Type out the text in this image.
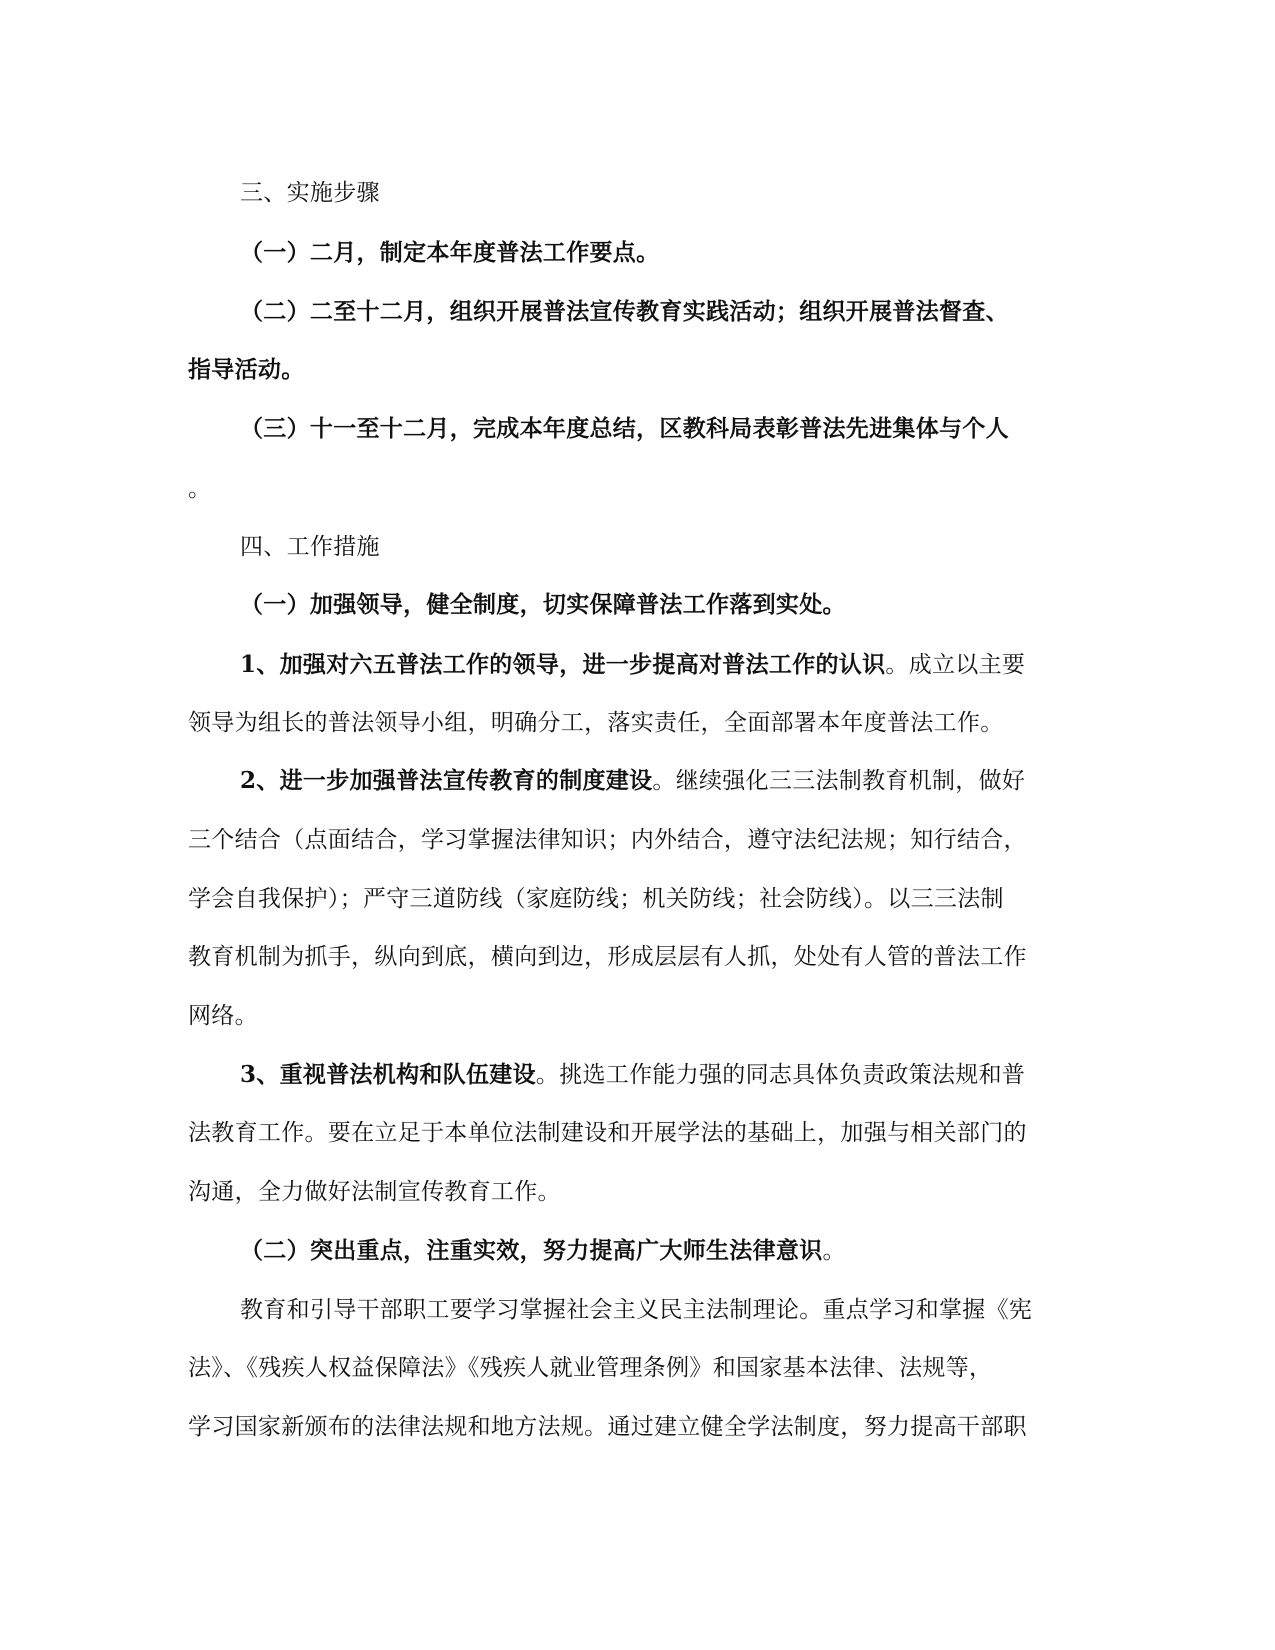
三、实施步骤
（一）二月，制定本年度普法工作要点。
（二）二至十二月，组织开展普法宣传教育实践活动；组织开展普法督查、
指导活动。
（三）十一至十二月，完成本年度总结，区教科局表彰普法先进集体与个人
。
四、工作措施
（一）加强领导，健全制度，切实保障普法工作落到实处。
1、加强对六五普法工作的领导，进一步提高对普法工作的认识。成立以主要
领导为组长的普法领导小组，明确分工，落实责任，全面部署本年度普法工作。
2、进一步加强普法宣传教育的制度建设。继续强化三三法制教育机制，做好
三个结合（点面结合，学习掌握法律知识；内外结合，遵守法纪法规；知行结合，
学会自我保护）；严守三道防线（家庭防线；机关防线；社会防线）。以三三法制
教育机制为抓手，纵向到底，横向到边，形成层层有人抓，处处有人管的普法工作
网络。
3、重视普法机构和队伍建设。挑选工作能力强的同志具体负责政策法规和普
法教育工作。要在立足于本单位法制建设和开展学法的基础上，加强与相关部门的
沟通，全力做好法制宣传教育工作。
（二）突出重点，注重实效，努力提高广大师生法律意识。
教育和引导干部职工要学习掌握社会主义民主法制理论。重点学习和掌握《宪
法》、《残疾人权益保障法》《残疾人就业管理条例》和国家基本法律、法规等，
学习国家新颁布的法律法规和地方法规。通过建立健全学法制度，努力提高干部职
